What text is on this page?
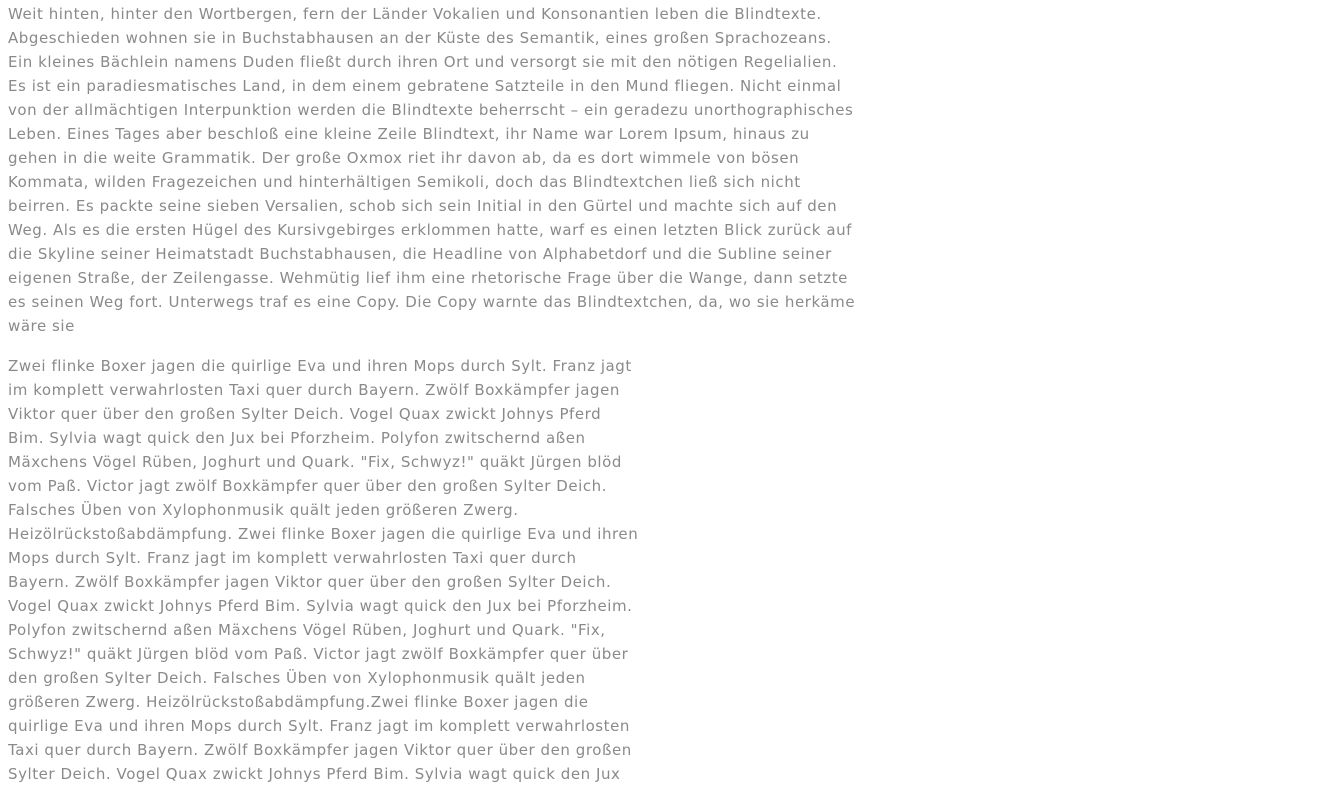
Weit hinten, hinter den Wortbergen, fern der Länder Vokalien und Konsonantien leben die Blindtexte.
Abgeschieden wohnen sie in Buchstabhausen an der Küste des Semantik, eines großen Sprachozeans.
Ein kleines Bächlein namens Duden fließt durch ihren Ort und versorgt sie mit den nötigen Regelialien.
Es ist ein paradiesmatisches Land, in dem einem gebratene Satzteile in den Mund fliegen. Nicht einmal
von der allmächtigen Interpunktion werden die Blindtexte beherrscht – ein geradezu unorthographisches
Leben. Eines Tages aber beschloß eine kleine Zeile Blindtext, ihr Name war Lorem Ipsum, hinaus zu
gehen in die weite Grammatik. Der große Oxmox riet ihr davon ab, da es dort wimmele von bösen
Kommata, wilden Fragezeichen und hinterhältigen Semikoli, doch das Blindtextchen ließ sich nicht
beirren. Es packte seine sieben Versalien, schob sich sein Initial in den Gürtel und machte sich auf den
Weg. Als es die ersten Hügel des Kursivgebirges erklommen hatte, warf es einen letzten Blick zurück auf
die Skyline seiner Heimatstadt Buchstabhausen, die Headline von Alphabetdorf und die Subline seiner
eigenen Straße, der Zeilengasse. Wehmütig lief ihm eine rhetorische Frage über die Wange, dann setzte
es seinen Weg fort. Unterwegs traf es eine Copy. Die Copy warnte das Blindtextchen, da, wo sie herkäme
wäre sie

Zwei flinke Boxer jagen die quirlige Eva und ihren Mops durch Sylt. Franz jagt
im komplett verwahrlosten Taxi quer durch Bayern. Zwölf Boxkämpfer jagen
Viktor quer über den großen Sylter Deich. Vogel Quax zwickt Johnys Pferd
Bim. Sylvia wagt quick den Jux bei Pforzheim. Polyfon zwitschernd aßen
Mäxchens Vögel Rüben, Joghurt und Quark. "Fix, Schwyz!" quäkt Jürgen blöd
vom Paß. Victor jagt zwölf Boxkämpfer quer über den großen Sylter Deich.
Falsches Üben von Xylophonmusik quält jeden größeren Zwerg.
Heizölrückstoßabdämpfung. Zwei flinke Boxer jagen die quirlige Eva und ihren
Mops durch Sylt. Franz jagt im komplett verwahrlosten Taxi quer durch
Bayern. Zwölf Boxkämpfer jagen Viktor quer über den großen Sylter Deich.
Vogel Quax zwickt Johnys Pferd Bim. Sylvia wagt quick den Jux bei Pforzheim.
Polyfon zwitschernd aßen Mäxchens Vögel Rüben, Joghurt und Quark. "Fix,
Schwyz!" quäkt Jürgen blöd vom Paß. Victor jagt zwölf Boxkämpfer quer über
den großen Sylter Deich. Falsches Üben von Xylophonmusik quält jeden
größeren Zwerg. Heizölrückstoßabdämpfung.Zwei flinke Boxer jagen die
quirlige Eva und ihren Mops durch Sylt. Franz jagt im komplett verwahrlosten
Taxi quer durch Bayern. Zwölf Boxkämpfer jagen Viktor quer über den großen
Sylter Deich. Vogel Quax zwickt Johnys Pferd Bim. Sylvia wagt quick den Jux
